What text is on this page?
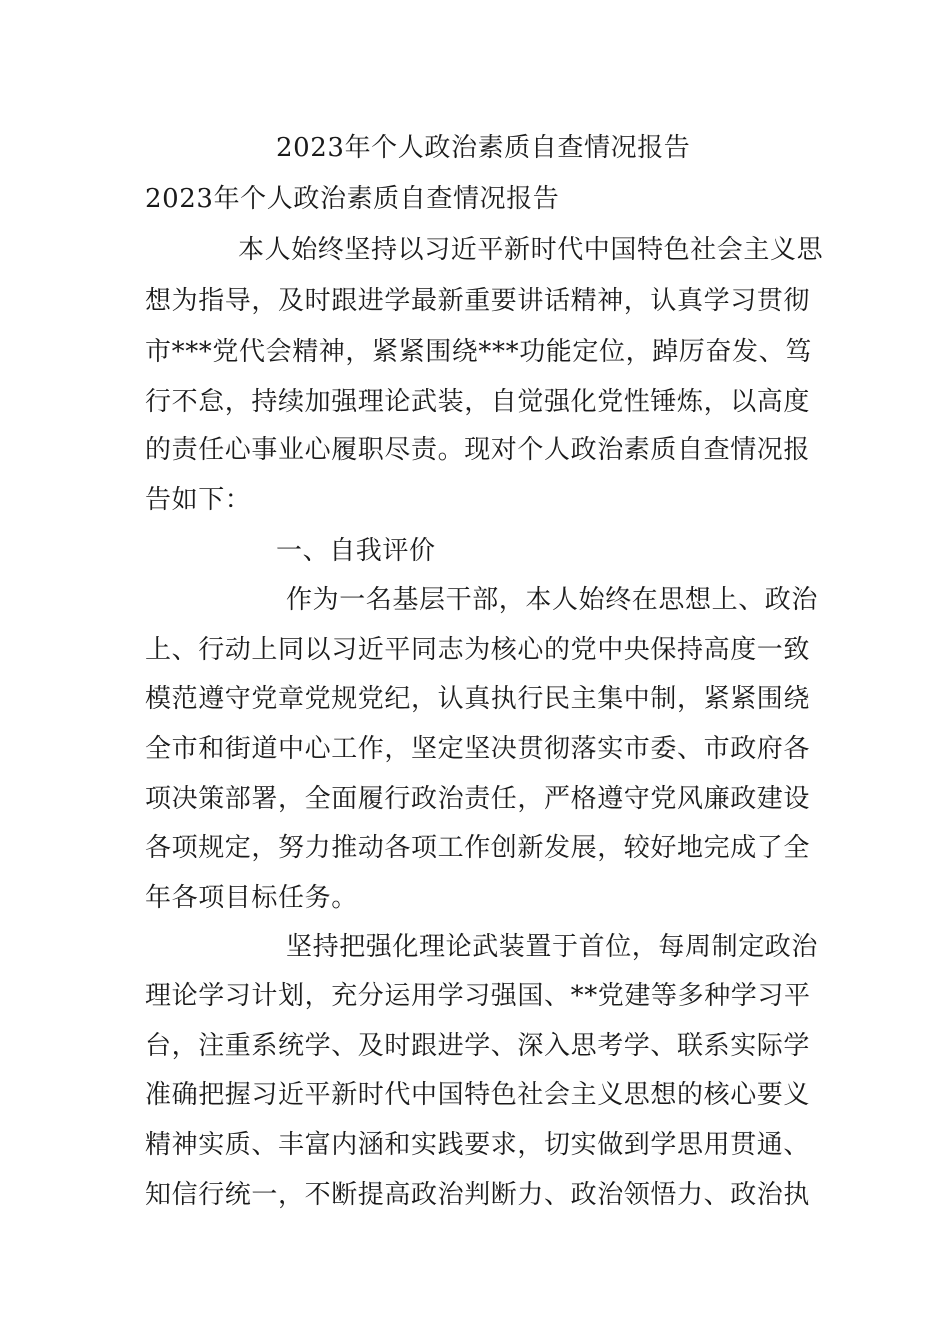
2023年个人政治素质自查情况报告
2023年个人政治素质自查情况报告
本人始终坚持以习近平新时代中国特色社会主义思
想为指导，及时跟进学最新重要讲话精神，认真学习贯彻
市***党代会精神，紧紧围绕***功能定位，踔厉奋发、笃
行不怠，持续加强理论武装，自觉强化党性锤炼，以高度
的责任心事业心履职尽责。现对个人政治素质自查情况报
告如下：
一、自我评价
作为一名基层干部，本人始终在思想上、政治
上、行动上同以习近平同志为核心的党中央保持高度一致
模范遵守党章党规党纪，认真执行民主集中制，紧紧围绕
全市和街道中心工作，坚定坚决贯彻落实市委、市政府各
项决策部署，全面履行政治责任，严格遵守党风廉政建设
各项规定，努力推动各项工作创新发展，较好地完成了全
年各项目标任务。
坚持把强化理论武装置于首位，每周制定政治
理论学习计划，充分运用学习强国、**党建等多种学习平
台，注重系统学、及时跟进学、深入思考学、联系实际学
准确把握习近平新时代中国特色社会主义思想的核心要义
精神实质、丰富内涵和实践要求，切实做到学思用贯通、
知信行统一，不断提高政治判断力、政治领悟力、政治执
